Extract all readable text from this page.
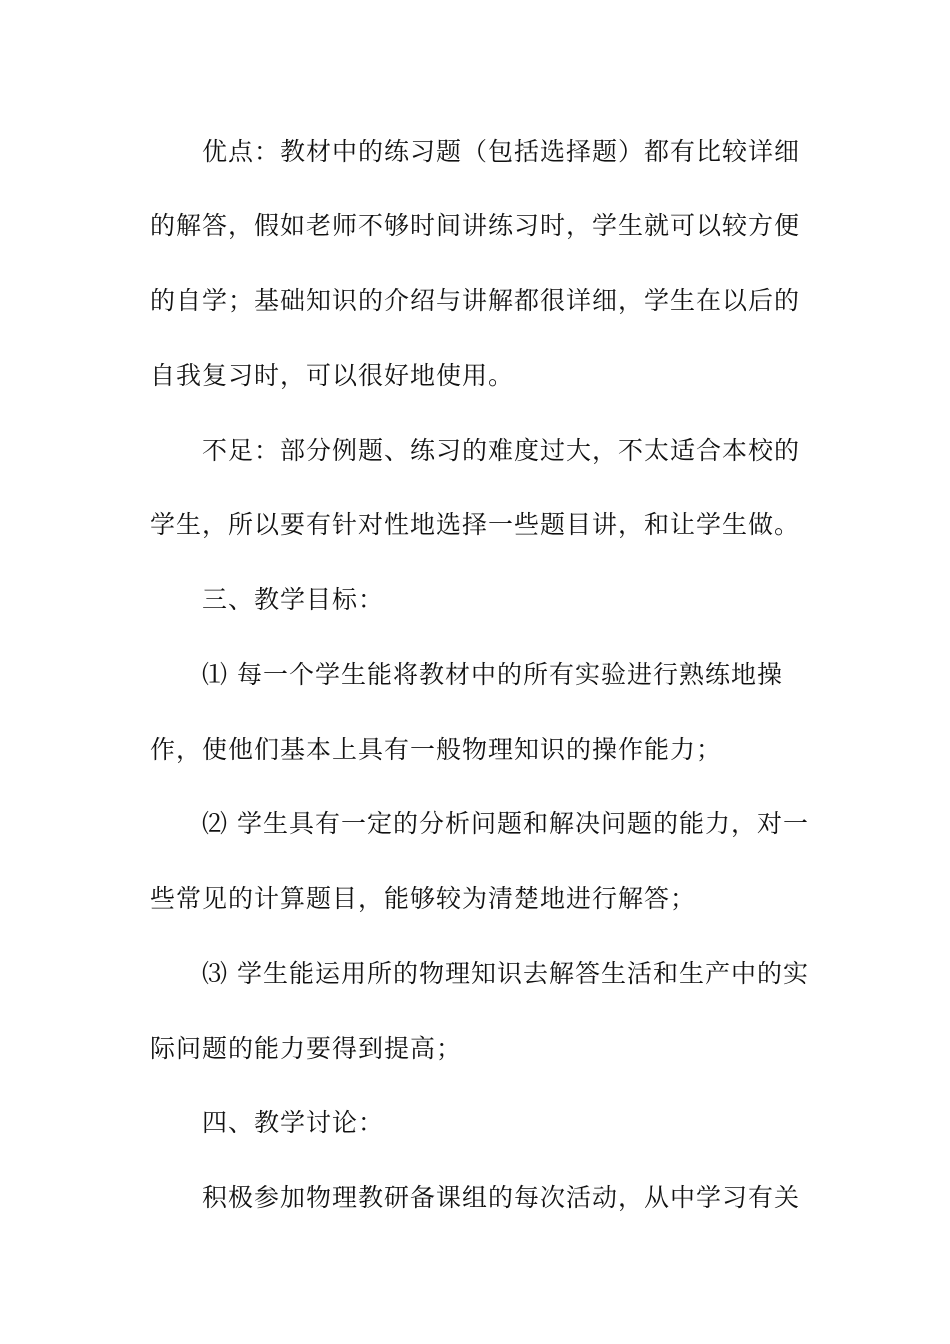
优点：教材中的练习题（包括选择题）都有比较详细
的解答，假如老师不够时间讲练习时，学生就可以较方便
的自学；基础知识的介绍与讲解都很详细，学生在以后的
自我复习时，可以很好地使用。
不足：部分例题、练习的难度过大，不太适合本校的
学生，所以要有针对性地选择一些题目讲，和让学生做。
三、教学目标：
⑴ 每一个学生能将教材中的所有实验进行熟练地操
作，使他们基本上具有一般物理知识的操作能力；
⑵ 学生具有一定的分析问题和解决问题的能力，对一
些常见的计算题目，能够较为清楚地进行解答；
⑶ 学生能运用所的物理知识去解答生活和生产中的实
际问题的能力要得到提高；
四、教学讨论：
积极参加物理教研备课组的每次活动，从中学习有关
